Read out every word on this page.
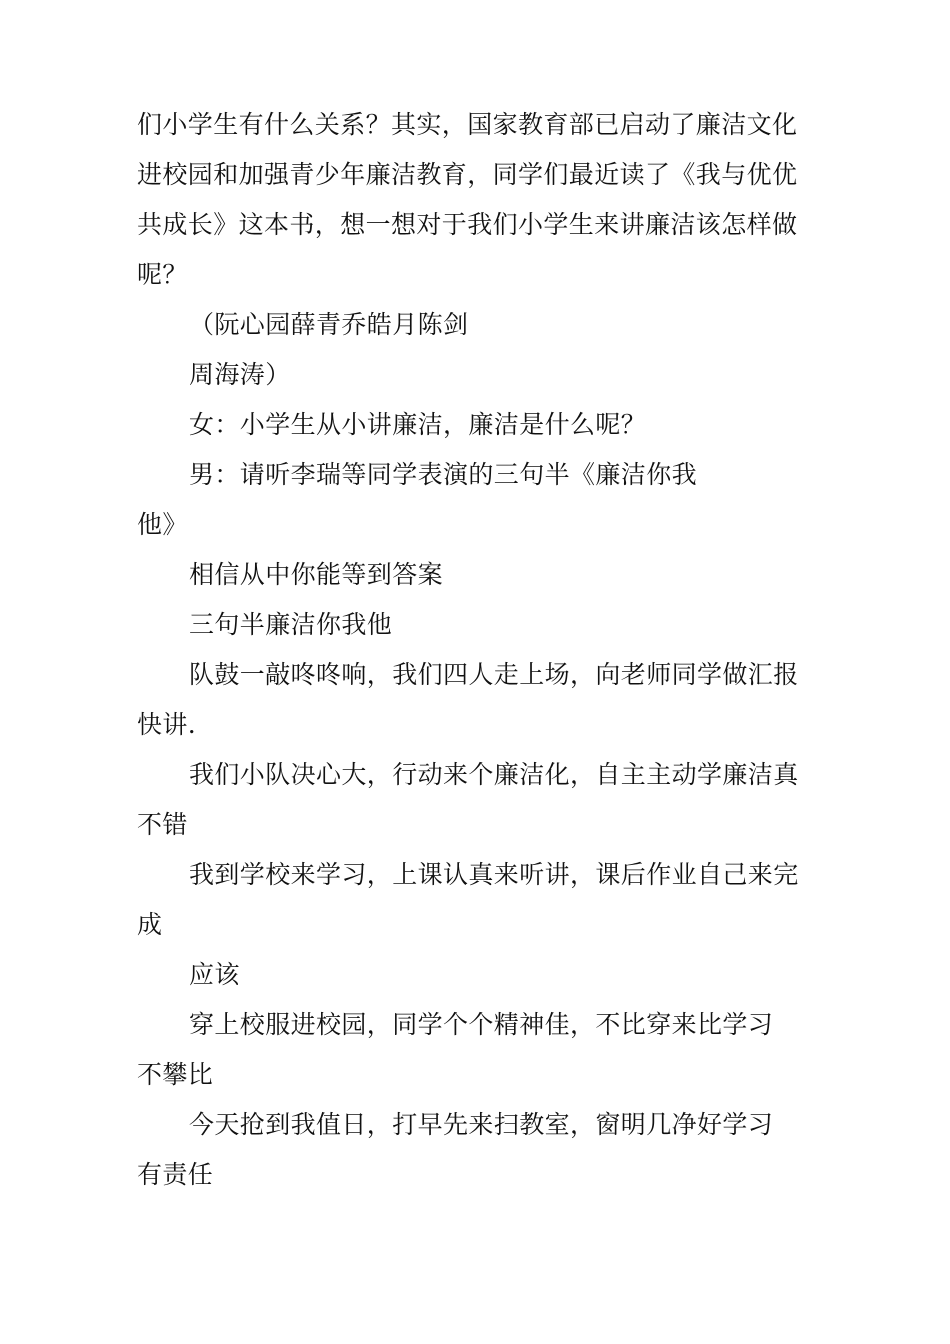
们小学生有什么关系？其实，国家教育部已启动了廉洁文化
进校园和加强青少年廉洁教育，同学们最近读了《我与优优
共成长》这本书，想一想对于我们小学生来讲廉洁该怎样做
呢？
（阮心园薛青乔皓月陈剑
周海涛）
女：小学生从小讲廉洁，廉洁是什么呢？
男：请听李瑞等同学表演的三句半《廉洁你我
他》
相信从中你能等到答案
三句半廉洁你我他
队鼓一敲咚咚响，我们四人走上场，向老师同学做汇报
快讲.
我们小队决心大，行动来个廉洁化，自主主动学廉洁真
不错
我到学校来学习，上课认真来听讲，课后作业自己来完
成
应该
穿上校服进校园，同学个个精神佳，不比穿来比学习
不攀比
今天抢到我值日，打早先来扫教室，窗明几净好学习
有责任
